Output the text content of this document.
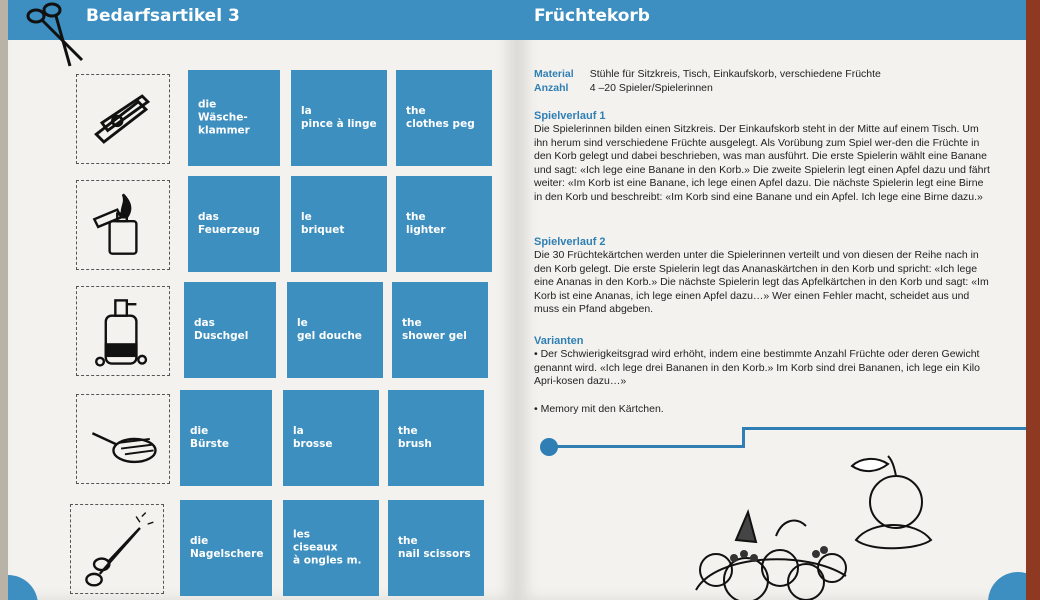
Bedarfsartikel 3
die
Wäsche-
klammer
la
pince à linge
the
clothes peg
das
Feuerzeug
le
briquet
the
lighter
das
Duschgel
le
gel douche
the
shower gel
die
Bürste
la
brosse
the
brush
die
Nagelschere
les
ciseaux
à ongles m.
the
nail scissors
Früchtekorb
Material	Stühle für Sitzkreis, Tisch, Einkaufskorb, verschiedene Früchte
Anzahl	4 –20 Spieler/Spielerinnen
Spielverlauf 1
Die Spielerinnen bilden einen Sitzkreis. Der Einkaufskorb steht in der Mitte auf einem Tisch. Um ihn herum sind verschiedene Früchte ausgelegt. Als Vorübung zum Spiel wer-den die Früchte in den Korb gelegt und dabei beschrieben, was man ausführt. Die erste Spielerin wählt eine Banane und sagt: «Ich lege eine Banane in den Korb.» Die zweite Spielerin legt einen Apfel dazu und fährt weiter: «Im Korb ist eine Banane, ich lege einen Apfel dazu. Die nächste Spielerin legt eine Birne in den Korb und beschreibt: «Im Korb sind eine Banane und ein Apfel. Ich lege eine Birne dazu.»
Spielverlauf 2
Die 30 Früchtekärtchen werden unter die Spielerinnen verteilt und von diesen der Reihe nach in den Korb gelegt. Die erste Spielerin legt das Ananaskärtchen in den Korb und spricht: «Ich lege eine Ananas in den Korb.» Die nächste Spielerin legt das Apfelkärtchen in den Korb und sagt: «Im Korb ist eine Ananas, ich lege einen Apfel dazu…» Wer einen Fehler macht, scheidet aus und muss ein Pfand abgeben.
Varianten
• Der Schwierigkeitsgrad wird erhöht, indem eine bestimmte Anzahl Früchte oder deren Gewicht genannt wird. «Ich lege drei Bananen in den Korb.» Im Korb sind drei Bananen, ich lege ein Kilo Apri-kosen dazu…»
• Memory mit den Kärtchen.
